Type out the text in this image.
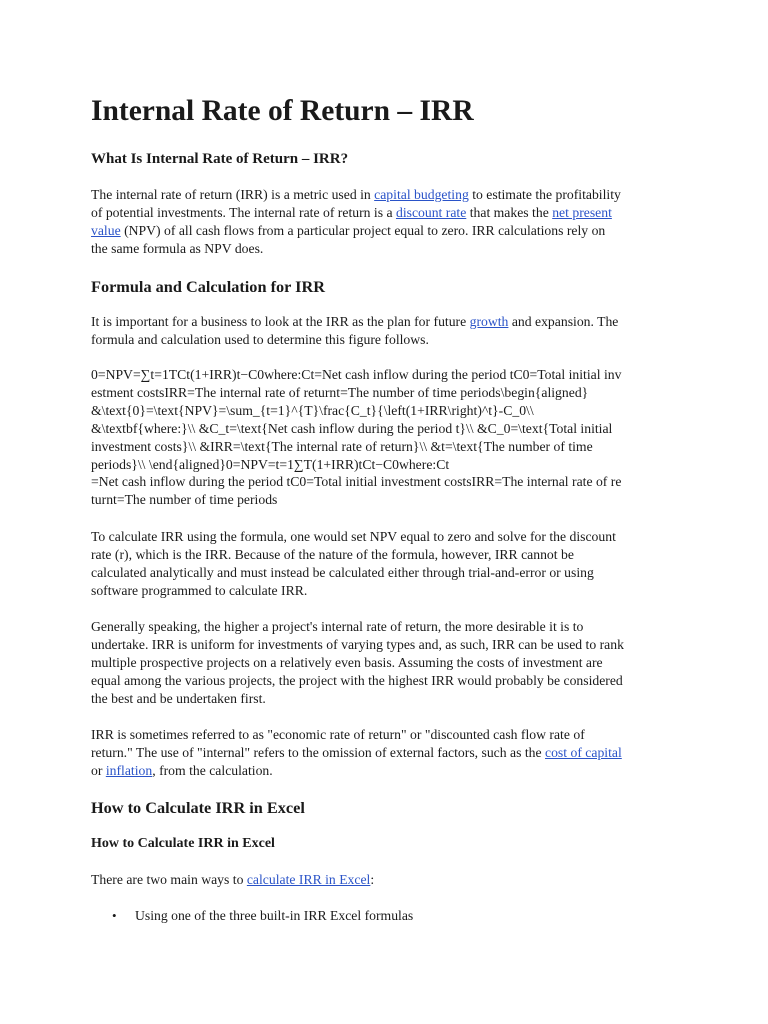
Internal Rate of Return – IRR
What Is Internal Rate of Return – IRR?
The internal rate of return (IRR) is a metric used in capital budgeting to estimate the profitability
of potential investments. The internal rate of return is a discount rate that makes the net present
value (NPV) of all cash flows from a particular project equal to zero. IRR calculations rely on
the same formula as NPV does.
Formula and Calculation for IRR
It is important for a business to look at the IRR as the plan for future growth and expansion. The
formula and calculation used to determine this figure follows.
0=NPV=∑t=1TCt(1+IRR)t−C0where:Ct=Net cash inflow during the period tC0=Total initial inv
estment costsIRR=The internal rate of returnt=The number of time periods\begin{aligned}
&\text{0}=\text{NPV}=\sum_{t=1}^{T}\frac{C_t}{\left(1+IRR\right)^t}-C_0\\
&\textbf{where:}\\ &C_t=\text{Net cash inflow during the period t}\\ &C_0=\text{Total initial
investment costs}\\ &IRR=\text{The internal rate of return}\\ &t=\text{The number of time
periods}\\ \end{aligned}0=NPV=t=1∑T(1+IRR)tCt−C0where:Ct
=Net cash inflow during the period tC0=Total initial investment costsIRR=The internal rate of re
turnt=The number of time periods
To calculate IRR using the formula, one would set NPV equal to zero and solve for the discount
rate (r), which is the IRR. Because of the nature of the formula, however, IRR cannot be
calculated analytically and must instead be calculated either through trial-and-error or using
software programmed to calculate IRR.
Generally speaking, the higher a project's internal rate of return, the more desirable it is to
undertake. IRR is uniform for investments of varying types and, as such, IRR can be used to rank
multiple prospective projects on a relatively even basis. Assuming the costs of investment are
equal among the various projects, the project with the highest IRR would probably be considered
the best and be undertaken first.
IRR is sometimes referred to as "economic rate of return" or "discounted cash flow rate of
return." The use of "internal" refers to the omission of external factors, such as the cost of capital
or inflation, from the calculation.
How to Calculate IRR in Excel
How to Calculate IRR in Excel
There are two main ways to calculate IRR in Excel:
• Using one of the three built-in IRR Excel formulas
